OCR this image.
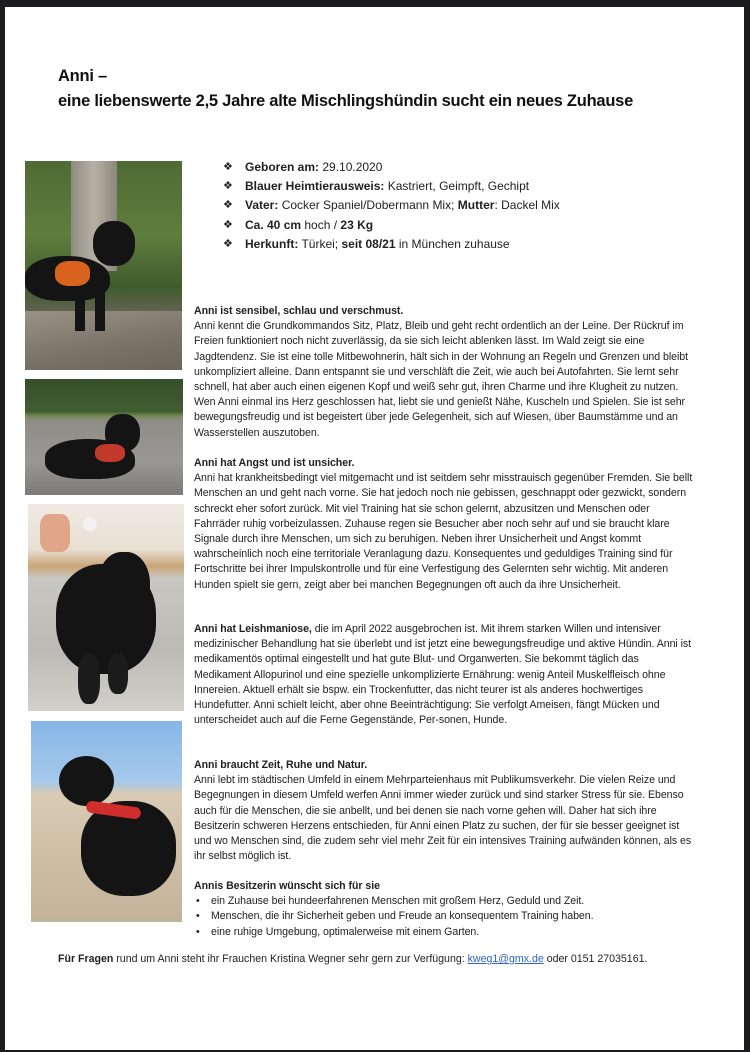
Anni –
eine liebenswerte 2,5 Jahre alte Mischlingshündin sucht ein neues Zuhause
❖ Geboren am: 29.10.2020
❖ Blauer Heimtierausweis: Kastriert, Geimpft, Gechipt
❖ Vater: Cocker Spaniel/Dobermann Mix; Mutter: Dackel Mix
❖ Ca. 40 cm hoch / 23 Kg
❖ Herkunft: Türkei; seit 08/21 in München zuhause

Anni ist sensibel, schlau und verschmust.

Anni kennt die Grundkommandos Sitz, Platz, Bleib und geht recht ordentlich an der Leine. Der Rückruf im Freien funktioniert noch nicht zuverlässig, da sie sich leicht ablenken lässt. Im Wald zeigt sie eine Jagdtendenz. Sie ist eine tolle Mitbewohnerin, hält sich in der Wohnung an Regeln und Grenzen und bleibt unkompliziert alleine. Dann entspannt sie und verschläft die Zeit, wie auch bei Autofahrten. Sie lernt sehr schnell, hat aber auch einen eigenen Kopf und weiß sehr gut, ihren Charme und ihre Klugheit zu nutzen. Wen Anni einmal ins Herz geschlossen hat, liebt sie und genießt Nähe, Kuscheln und Spielen. Sie ist sehr bewegungsfreudig und ist begeistert über jede Gelegenheit, sich auf Wiesen, über Baumstämme und an Wasserstellen auszutoben.

Anni hat Angst und ist unsicher.

Anni hat krankheitsbedingt viel mitgemacht und ist seitdem sehr misstrauisch gegenüber Fremden. Sie bellt Menschen an und geht nach vorne. Sie hat jedoch noch nie gebissen, geschnappt oder gezwickt, sondern schreckt eher sofort zurück. Mit viel Training hat sie schon gelernt, abzusitzen und Menschen oder Fahrräder ruhig vorbeizulassen. Zuhause regen sie Besucher aber noch sehr auf und sie braucht klare Signale durch ihre Menschen, um sich zu beruhigen. Neben ihrer Unsicherheit und Angst kommt wahrscheinlich noch eine territoriale Veranlagung dazu. Konsequentes und geduldiges Training sind für Fortschritte bei ihrer Impulskontrolle und für eine Verfestigung des Gelernten sehr wichtig. Mit anderen Hunden spielt sie gern, zeigt aber bei manchen Begegnungen oft auch da ihre Unsicherheit.

Anni hat Leishmaniose, die im April 2022 ausgebrochen ist. Mit ihrem starken Willen und intensiver medizinischer Behandlung hat sie überlebt und ist jetzt eine bewegungsfreudige und aktive Hündin. Anni ist medikamentös optimal eingestellt und hat gute Blut- und Organwerten. Sie bekommt täglich das Medikament Allopurinol und eine spezielle unkomplizierte Ernährung: wenig Anteil Muskelfleisch ohne Innereien. Aktuell erhält sie bspw. ein Trockenfutter, das nicht teurer ist als anderes hochwertiges Hundefutter. Anni schielt leicht, aber ohne Beeinträchtigung: Sie verfolgt Ameisen, fängt Mücken und unterscheidet auch auf die Ferne Gegenstände, Per-sonen, Hunde.

Anni braucht Zeit, Ruhe und Natur.

Anni lebt im städtischen Umfeld in einem Mehrparteienhaus mit Publikumsverkehr. Die vielen Reize und Begegnungen in diesem Umfeld werfen Anni immer wieder zurück und sind starker Stress für sie. Ebenso auch für die Menschen, die sie anbellt, und bei denen sie nach vorne gehen will. Daher hat sich ihre Besitzerin schweren Herzens entschieden, für Anni einen Platz zu suchen, der für sie besser geeignet ist und wo Menschen sind, die zudem sehr viel mehr Zeit für ein intensives Training aufwänden können, als es ihr selbst möglich ist.

Annis Besitzerin wünscht sich für sie

• ein Zuhause bei hundeerfahrenen Menschen mit großem Herz, Geduld und Zeit.
• Menschen, die ihr Sicherheit geben und Freude an konsequentem Training haben.
• eine ruhige Umgebung, optimalerweise mit einem Garten.
Für Fragen rund um Anni steht ihr Frauchen Kristina Wegner sehr gern zur Verfügung: kweg1@gmx.de oder 0151 27035161.
